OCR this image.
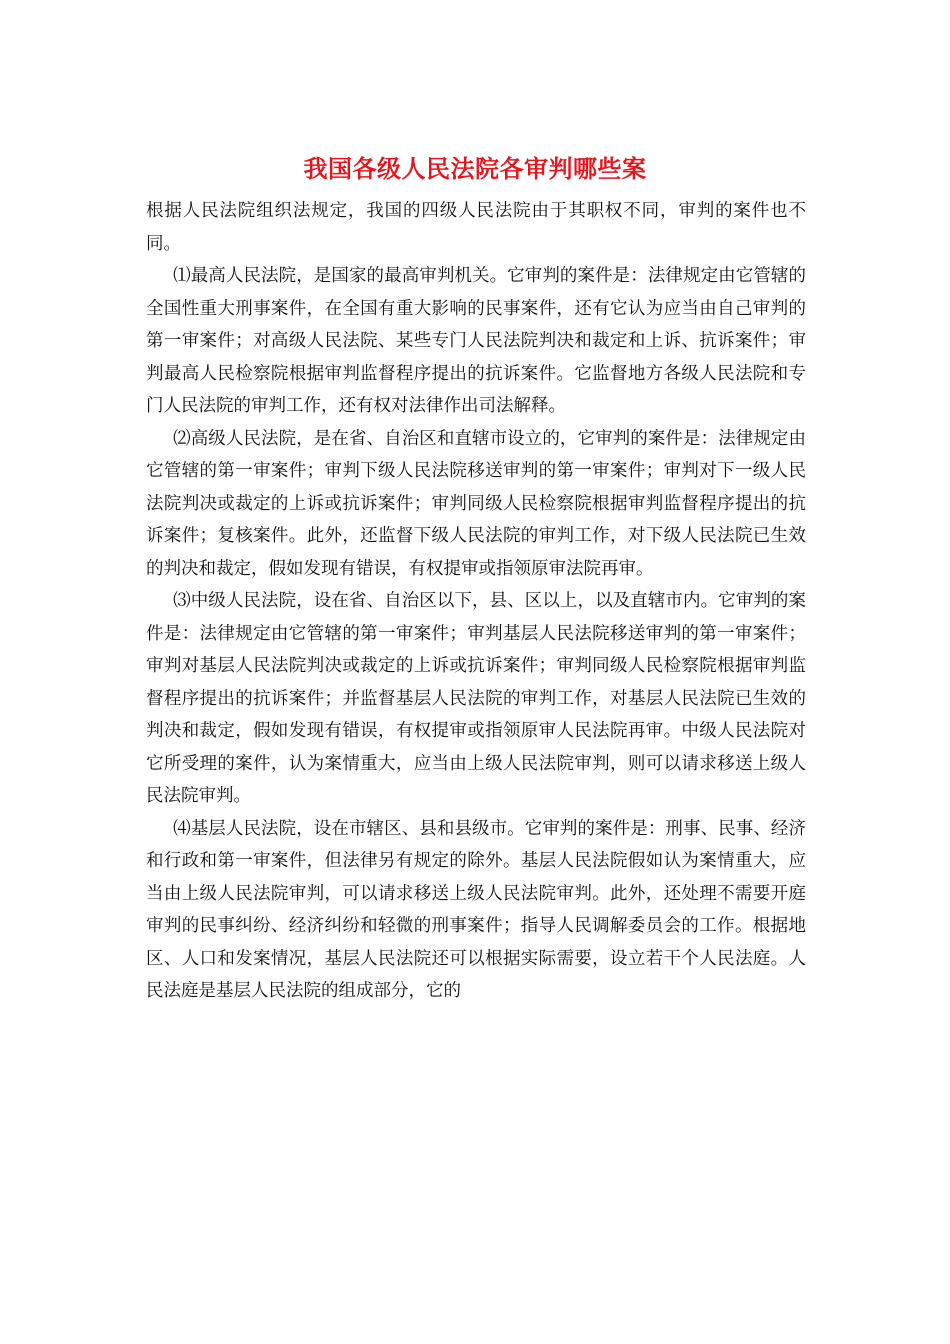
我国各级人民法院各审判哪些案

根据人民法院组织法规定，我国的四级人民法院由于其职权不同，审判的案件也不同。

⑴最高人民法院，是国家的最高审判机关。它审判的案件是：法律规定由它管辖的全国性重大刑事案件，在全国有重大影响的民事案件，还有它认为应当由自己审判的第一审案件；对高级人民法院、某些专门人民法院判决和裁定和上诉、抗诉案件；审判最高人民检察院根据审判监督程序提出的抗诉案件。它监督地方各级人民法院和专门人民法院的审判工作，还有权对法律作出司法解释。

⑵高级人民法院，是在省、自治区和直辖市设立的，它审判的案件是：法律规定由它管辖的第一审案件；审判下级人民法院移送审判的第一审案件；审判对下一级人民法院判决或裁定的上诉或抗诉案件；审判同级人民检察院根据审判监督程序提出的抗诉案件；复核案件。此外，还监督下级人民法院的审判工作，对下级人民法院已生效的判决和裁定，假如发现有错误，有权提审或指领原审法院再审。

⑶中级人民法院，设在省、自治区以下，县、区以上，以及直辖市内。它审判的案件是：法律规定由它管辖的第一审案件；审判基层人民法院移送审判的第一审案件；审判对基层人民法院判决或裁定的上诉或抗诉案件；审判同级人民检察院根据审判监督程序提出的抗诉案件；并监督基层人民法院的审判工作，对基层人民法院已生效的判决和裁定，假如发现有错误，有权提审或指领原审人民法院再审。中级人民法院对它所受理的案件，认为案情重大，应当由上级人民法院审判，则可以请求移送上级人民法院审判。

⑷基层人民法院，设在市辖区、县和县级市。它审判的案件是：刑事、民事、经济和行政和第一审案件，但法律另有规定的除外。基层人民法院假如认为案情重大，应当由上级人民法院审判，可以请求移送上级人民法院审判。此外，还处理不需要开庭审判的民事纠纷、经济纠纷和轻微的刑事案件；指导人民调解委员会的工作。根据地区、人口和发案情况，基层人民法院还可以根据实际需要，设立若干个人民法庭。人民法庭是基层人民法院的组成部分，它的
